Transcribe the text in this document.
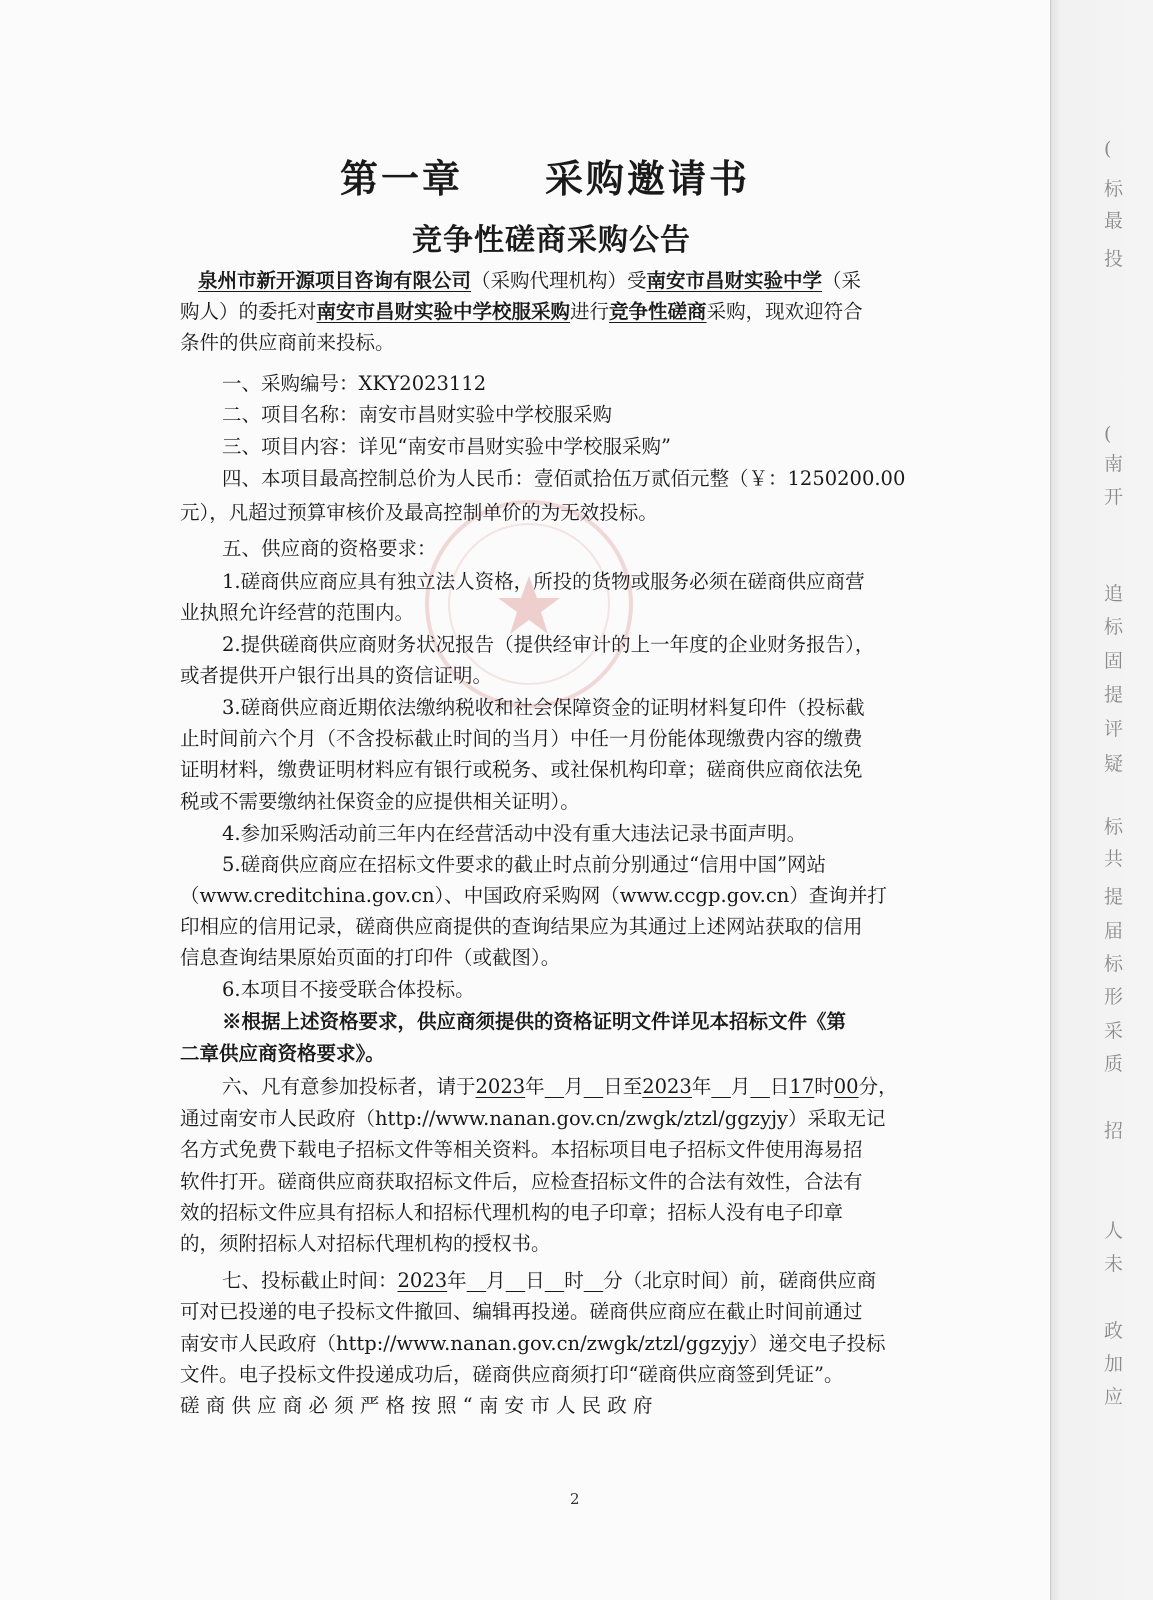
(
标
最
投
(
南
开
追
标
固
提
评
疑
标
共
提
届
标
形
采
质
招
人
未
政
加
应
第一章 采购邀请书
竞争性磋商采购公告
泉州市新开源项目咨询有限公司（采购代理机构）受南安市昌财实验中学（采
购人）的委托对南安市昌财实验中学校服采购进行竞争性磋商采购，现欢迎符合
条件的供应商前来投标。
一、采购编号：XKY2023112
二、项目名称：南安市昌财实验中学校服采购
三、项目内容：详见“南安市昌财实验中学校服采购”
四、本项目最高控制总价为人民币：壹佰贰拾伍万贰佰元整（￥：1250200.00
元），凡超过预算审核价及最高控制单价的为无效投标。
五、供应商的资格要求：
1.磋商供应商应具有独立法人资格，所投的货物或服务必须在磋商供应商营
业执照允许经营的范围内。
2.提供磋商供应商财务状况报告（提供经审计的上一年度的企业财务报告），
或者提供开户银行出具的资信证明。
3.磋商供应商近期依法缴纳税收和社会保障资金的证明材料复印件（投标截
止时间前六个月（不含投标截止时间的当月）中任一月份能体现缴费内容的缴费
证明材料，缴费证明材料应有银行或税务、或社保机构印章；磋商供应商依法免
税或不需要缴纳社保资金的应提供相关证明）。
4.参加采购活动前三年内在经营活动中没有重大违法记录书面声明。
5.磋商供应商应在招标文件要求的截止时点前分别通过“信用中国”网站
（www.creditchina.gov.cn）、中国政府采购网（www.ccgp.gov.cn）查询并打
印相应的信用记录，磋商供应商提供的查询结果应为其通过上述网站获取的信用
信息查询结果原始页面的打印件（或截图）。
6.本项目不接受联合体投标。
※根据上述资格要求，供应商须提供的资格证明文件详见本招标文件《第
二章供应商资格要求》。
六、凡有意参加投标者，请于2023年   月   日至2023年   月   日17时00分，
通过南安市人民政府（http://www.nanan.gov.cn/zwgk/ztzl/ggzyjy）采取无记
名方式免费下载电子招标文件等相关资料。本招标项目电子招标文件使用海易招
软件打开。磋商供应商获取招标文件后，应检查招标文件的合法有效性，合法有
效的招标文件应具有招标人和招标代理机构的电子印章；招标人没有电子印章
的，须附招标人对招标代理机构的授权书。
七、投标截止时间：2023年   月   日   时   分（北京时间）前，磋商供应商
可对已投递的电子投标文件撤回、编辑再投递。磋商供应商应在截止时间前通过
南安市人民政府（http://www.nanan.gov.cn/zwgk/ztzl/ggzyjy）递交电子投标
文件。电子投标文件投递成功后，磋商供应商须打印“磋商供应商签到凭证”。
磋 商 供 应 商 必 须 严 格 按 照 “ 南 安 市 人 民 政 府
2
